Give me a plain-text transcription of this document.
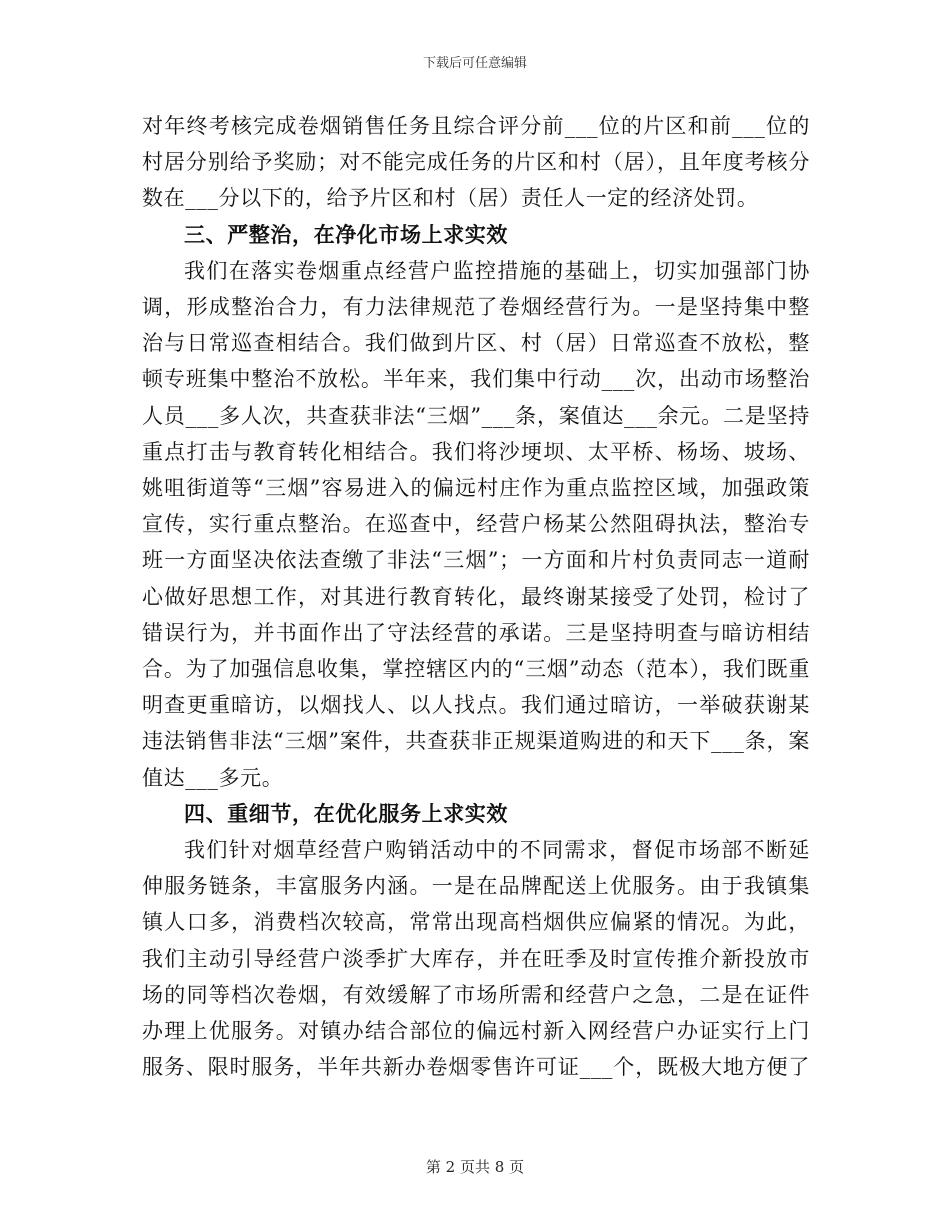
下载后可任意编辑

对年终考核完成卷烟销售任务且综合评分前___位的片区和前___位的村居分别给予奖励；对不能完成任务的片区和村（居），且年度考核分数在___分以下的，给予片区和村（居）责任人一定的经济处罚。

三、严整治，在净化市场上求实效

我们在落实卷烟重点经营户监控措施的基础上，切实加强部门协调，形成整治合力，有力法律规范了卷烟经营行为。一是坚持集中整治与日常巡查相结合。我们做到片区、村（居）日常巡查不放松，整顿专班集中整治不放松。半年来，我们集中行动___次，出动市场整治人员___多人次，共查获非法“三烟”___条，案值达___余元。二是坚持重点打击与教育转化相结合。我们将沙埂坝、太平桥、杨场、坡场、姚咀街道等“三烟”容易进入的偏远村庄作为重点监控区域，加强政策宣传，实行重点整治。在巡查中，经营户杨某公然阻碍执法，整治专班一方面坚决依法查缴了非法“三烟”；一方面和片村负责同志一道耐心做好思想工作，对其进行教育转化，最终谢某接受了处罚，检讨了错误行为，并书面作出了守法经营的承诺。三是坚持明查与暗访相结合。为了加强信息收集，掌控辖区内的“三烟”动态（范本），我们既重明查更重暗访，以烟找人、以人找点。我们通过暗访，一举破获谢某违法销售非法“三烟”案件，共查获非正规渠道购进的和天下___条，案值达___多元。

四、重细节，在优化服务上求实效

我们针对烟草经营户购销活动中的不同需求，督促市场部不断延伸服务链条，丰富服务内涵。一是在品牌配送上优服务。由于我镇集镇人口多，消费档次较高，常常出现高档烟供应偏紧的情况。为此，我们主动引导经营户淡季扩大库存，并在旺季及时宣传推介新投放市场的同等档次卷烟，有效缓解了市场所需和经营户之急，二是在证件办理上优服务。对镇办结合部位的偏远村新入网经营户办证实行上门服务、限时服务，半年共新办卷烟零售许可证___个，既极大地方便了

第 2 页共 8 页
